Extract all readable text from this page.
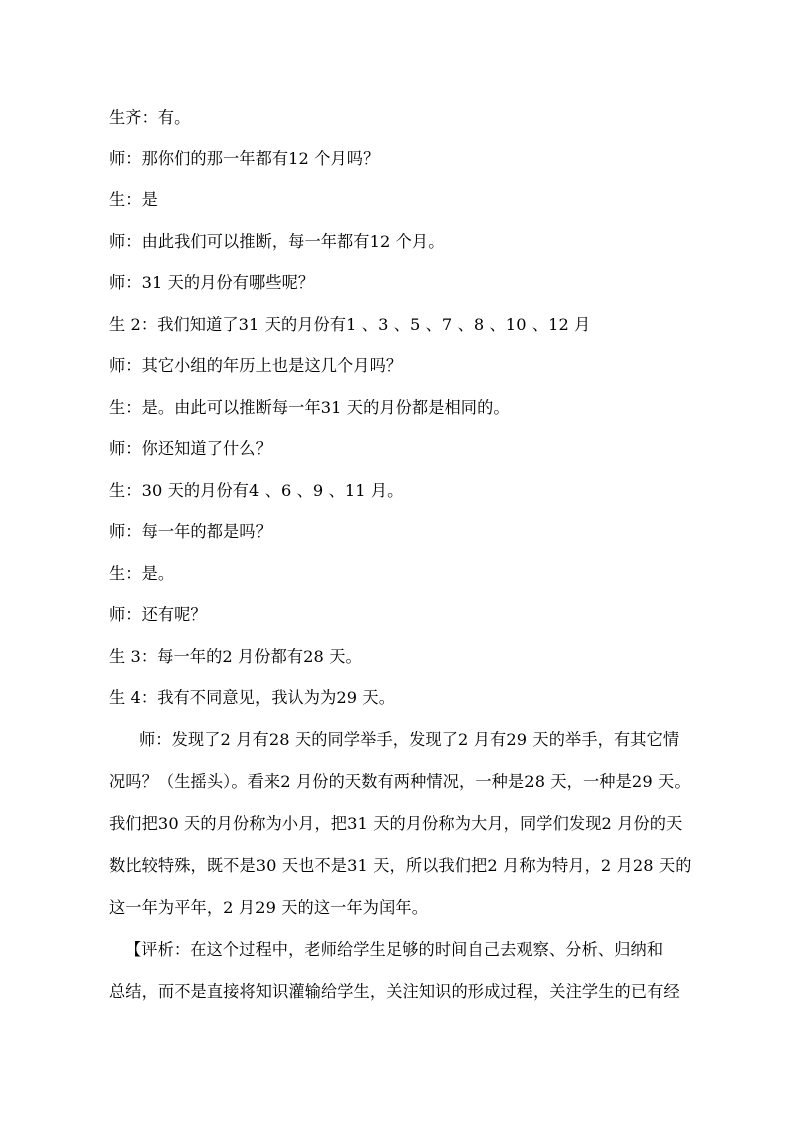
生齐：有。
师：那你们的那一年都有12 个月吗？
生：是
师：由此我们可以推断，每一年都有12 个月。
师：31 天的月份有哪些呢？
生 2：我们知道了31 天的月份有1 、3 、5 、7 、8 、10 、12 月
师：其它小组的年历上也是这几个月吗？
生：是。由此可以推断每一年31 天的月份都是相同的。
师：你还知道了什么？
生：30 天的月份有4 、6 、9 、11 月。
师：每一年的都是吗？
生：是。
师：还有呢？
生 3：每一年的2 月份都有28 天。
生 4：我有不同意见，我认为为29 天。
师：发现了2 月有28 天的同学举手，发现了2 月有29 天的举手，有其它情
况吗？（生摇头）。看来2 月份的天数有两种情况，一种是28 天，一种是29 天。
我们把30 天的月份称为小月，把31 天的月份称为大月，同学们发现2 月份的天
数比较特殊，既不是30 天也不是31 天，所以我们把2 月称为特月，2 月28 天的
这一年为平年，2 月29 天的这一年为闰年。
【评析：在这个过程中，老师给学生足够的时间自己去观察、分析、归纳和
总结，而不是直接将知识灌输给学生，关注知识的形成过程，关注学生的已有经
